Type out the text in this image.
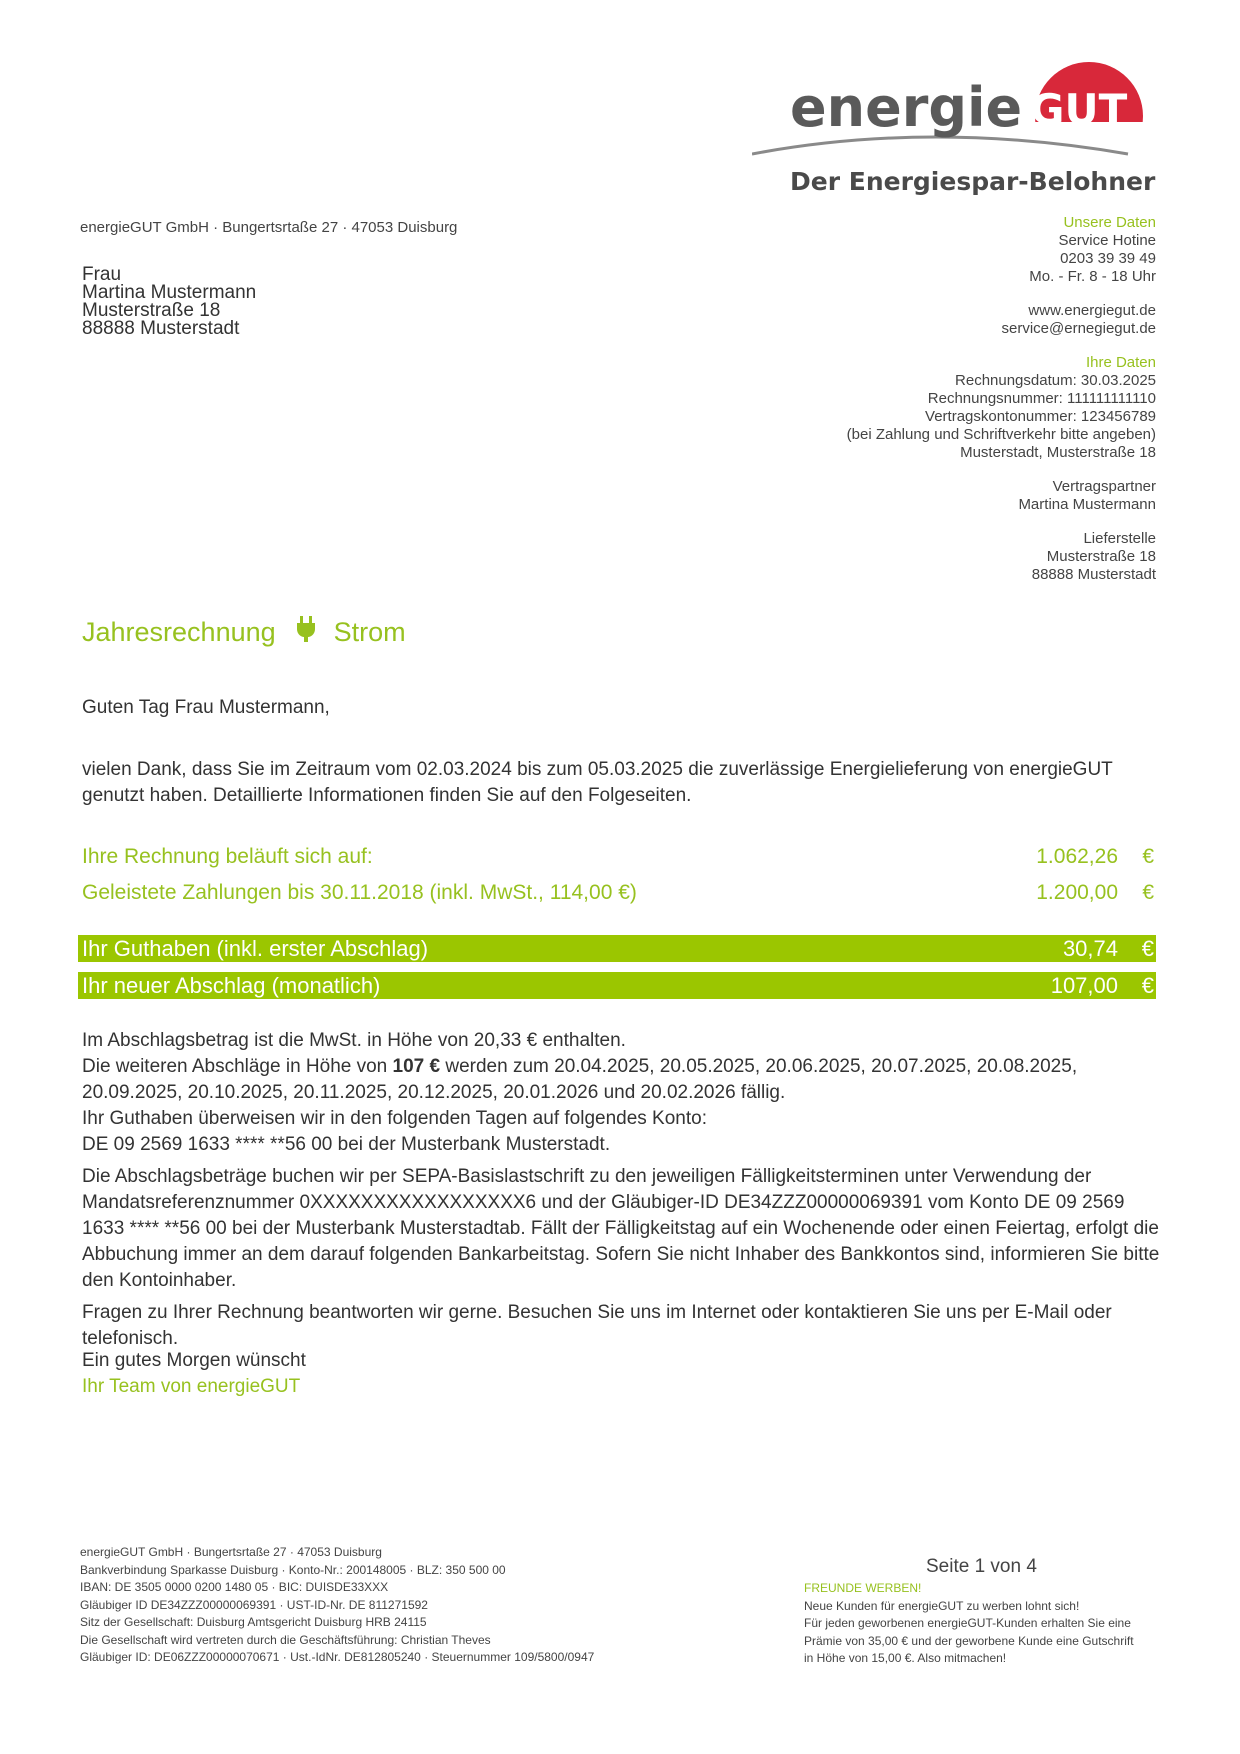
energie GUT
Der Energiespar-Belohner
energieGUT GmbH · Bungertsrtaße 27 · 47053 Duisburg
Frau
Martina Mustermann
Musterstraße 18
88888 Musterstadt
Unsere Daten
Service Hotine
0203 39 39 49
Mo. - Fr. 8 - 18 Uhr
www.energiegut.de
service@ernegiegut.de
Ihre Daten
Rechnungsdatum: 30.03.2025
Rechnungsnummer: 111111111110
Vertragskontonummer: 123456789
(bei Zahlung und Schriftverkehr bitte angeben)
Musterstadt, Musterstraße 18
Vertragspartner
Martina Mustermann
Lieferstelle
Musterstraße 18
88888 Musterstadt
Jahresrechnung Strom
Guten Tag Frau Mustermann,
vielen Dank, dass Sie im Zeitraum vom 02.03.2024 bis zum 05.03.2025 die zuverlässige Energielieferung von energieGUT genutzt haben. Detaillierte Informationen finden Sie auf den Folgeseiten.
Ihre Rechnung beläuft sich auf:	1.062,26	€
Geleistete Zahlungen bis 30.11.2018 (inkl. MwSt., 114,00 €)	1.200,00	€
Ihr Guthaben (inkl. erster Abschlag)	30,74	€
Ihr neuer Abschlag (monatlich)	107,00	€

Im Abschlagsbetrag ist die MwSt. in Höhe von 20,33 € enthalten.

Die weiteren Abschläge in Höhe von 107 € werden zum 20.04.2025, 20.05.2025, 20.06.2025, 20.07.2025, 20.08.2025, 20.09.2025, 20.10.2025, 20.11.2025, 20.12.2025, 20.01.2026 und 20.02.2026 fällig.

Ihr Guthaben überweisen wir in den folgenden Tagen auf folgendes Konto:

DE 09 2569 1633 **** **56 00 bei der Musterbank Musterstadt.

Die Abschlagsbeträge buchen wir per SEPA-Basislastschrift zu den jeweiligen Fälligkeitsterminen unter Verwendung der Mandatsreferenznummer 0XXXXXXXXXXXXXXXXX6 und der Gläubiger-ID DE34ZZZ00000069391 vom Konto DE 09 2569 1633 **** **56 00 bei der Musterbank Musterstadtab. Fällt der Fälligkeitstag auf ein Wochenende oder einen Feiertag, erfolgt die Abbuchung immer an dem darauf folgenden Bankarbeitstag. Sofern Sie nicht Inhaber des Bankkontos sind, informieren Sie bitte den Kontoinhaber.

Fragen zu Ihrer Rechnung beantworten wir gerne. Besuchen Sie uns im Internet oder kontaktieren Sie uns per E-Mail oder telefonisch.

Ein gutes Morgen wünscht
Ihr Team von energieGUT
energieGUT GmbH · Bungertsrtaße 27 · 47053 Duisburg
Bankverbindung Sparkasse Duisburg · Konto-Nr.: 200148005 · BLZ: 350 500 00
IBAN: DE 3505 0000 0200 1480 05 · BIC: DUISDE33XXX
Gläubiger ID DE34ZZZ00000069391 · UST-ID-Nr. DE 811271592
Sitz der Gesellschaft: Duisburg Amtsgericht Duisburg HRB 24115
Die Gesellschaft wird vertreten durch die Geschäftsführung: Christian Theves
Gläubiger ID: DE06ZZZ00000070671 · Ust.-IdNr. DE812805240 · Steuernummer 109/5800/0947
Seite 1 von 4
FREUNDE WERBEN!
Neue Kunden für energieGUT zu werben lohnt sich!
Für jeden geworbenen energieGUT-Kunden erhalten Sie eine
Prämie von 35,00 € und der geworbene Kunde eine Gutschrift
in Höhe von 15,00 €. Also mitmachen!
